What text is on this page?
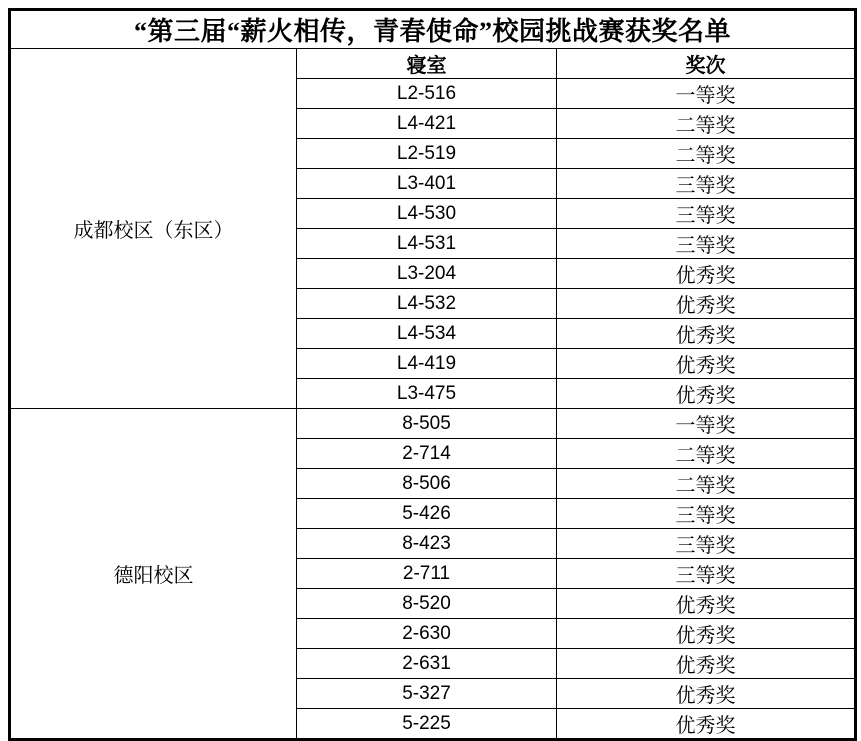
“第三届“薪火相传，青春使命”校园挑战赛获奖名单		
成都校区（东区）	寝室	奖次
	L2-516	一等奖
	L4-421	二等奖
	L2-519	二等奖
	L3-401	三等奖
	L4-530	三等奖
	L4-531	三等奖
	L3-204	优秀奖
	L4-532	优秀奖
	L4-534	优秀奖
	L4-419	优秀奖
	L3-475	优秀奖
德阳校区	8-505	一等奖
	2-714	二等奖
	8-506	二等奖
	5-426	三等奖
	8-423	三等奖
	2-711	三等奖
	8-520	优秀奖
	2-630	优秀奖
	2-631	优秀奖
	5-327	优秀奖
	5-225	优秀奖
